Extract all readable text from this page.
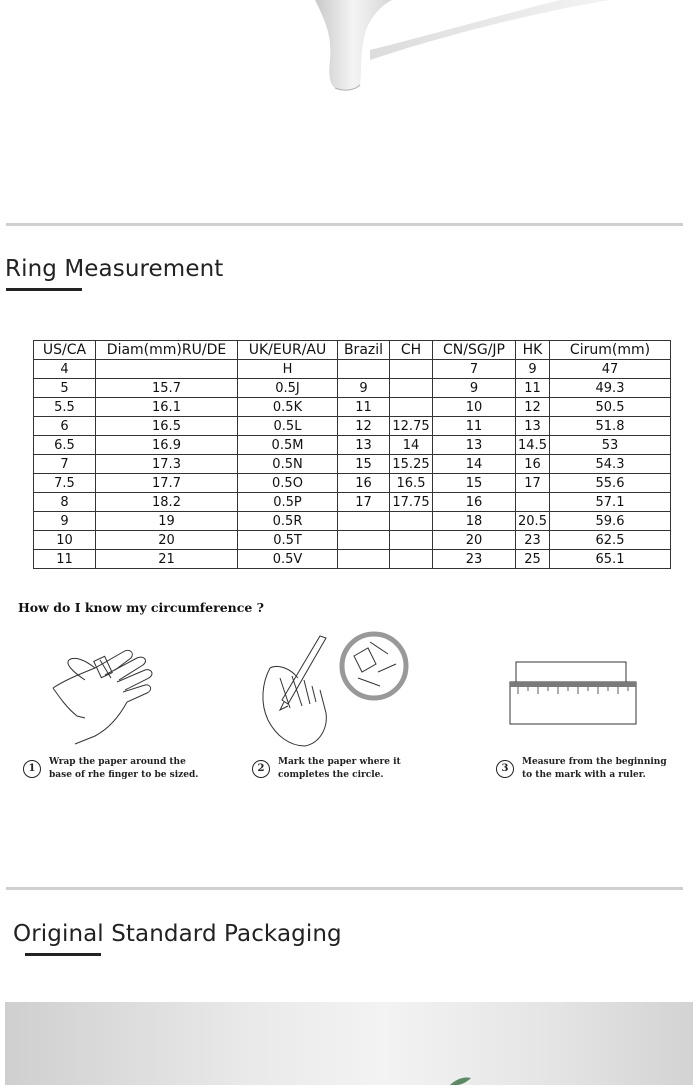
Ring Measurement
US/CA	Diam(mm)RU/DE	UK/EUR/AU	Brazil	CH	CN/SG/JP	HK	Cirum(mm)
4		H			7	9	47
5	15.7	0.5J	9		9	11	49.3
5.5	16.1	0.5K	11		10	12	50.5
6	16.5	0.5L	12	12.75	11	13	51.8
6.5	16.9	0.5M	13	14	13	14.5	53
7	17.3	0.5N	15	15.25	14	16	54.3
7.5	17.7	0.5O	16	16.5	15	17	55.6
8	18.2	0.5P	17	17.75	16		57.1
9	19	0.5R			18	20.5	59.6
10	20	0.5T			20	23	62.5
11	21	0.5V			23	25	65.1
How do I know my circumference ?
1

Wrap the paper around the
base of rhe finger to be sized.

2

Mark the paper where it
completes the circle.

3

Measure from the beginning
to the mark with a ruler.

Original Standard Packaging
